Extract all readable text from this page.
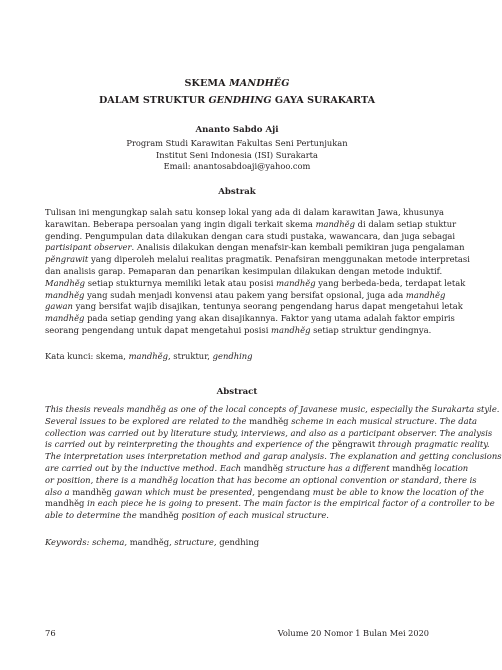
SKEMA MANDHĚG
DALAM STRUKTUR GENDHING GAYA SURAKARTA
Ananto Sabdo Aji
Program Studi Karawitan Fakultas Seni Pertunjukan
Institut Seni Indonesia (ISI) Surakarta
Email: anantosabdoaji@yahoo.com
Abstrak
Tulisan ini mengungkap salah satu konsep lokal yang ada di dalam karawitan Jawa, khusunya
karawitan. Beberapa persoalan yang ingin digali terkait skema mandhĕg di dalam setiap stuktur
gending. Pengumpulan data dilakukan dengan cara studi pustaka, wawancara, dan juga sebagai
partisipant observer. Analisis dilakukan dengan menafsir-kan kembali pemikiran juga pengalaman
pĕngrawit yang diperoleh melalui realitas pragmatik. Penafsiran menggunakan metode interpretasi
dan analisis garap. Pemaparan dan penarikan kesimpulan dilakukan dengan metode induktif.
Mandhĕg setiap stukturnya memiliki letak atau posisi mandhĕg yang berbeda-beda, terdapat letak
mandhĕg yang sudah menjadi konvensi atau pakem yang bersifat opsional, juga ada mandhĕg
gawan yang bersifat wajib disajikan, tentunya seorang pengendang harus dapat mengetahui letak
mandhĕg pada setiap gending yang akan disajikannya. Faktor yang utama adalah faktor empiris
seorang pengendang untuk dapat mengetahui posisi mandhĕg setiap struktur gendingnya.
Kata kunci: skema, mandhĕg, struktur, gendhing
Abstract
This thesis reveals mandhĕg as one of the local concepts of Javanese music, especially the Surakarta style.
Several issues to be explored are related to the mandhĕg scheme in each musical structure. The data
collection was carried out by literature study, interviews, and also as a participant observer. The analysis
is carried out by reinterpreting the thoughts and experience of the pĕngrawit through pragmatic reality.
The interpretation uses interpretation method and garap analysis. The explanation and getting conclusions
are carried out by the inductive method. Each mandhĕg structure has a different mandhĕg location
or position, there is a mandhĕg location that has become an optional convention or standard, there is
also a mandhĕg gawan which must be presented, pengendang must be able to know the location of the
mandhĕg in each piece he is going to present. The main factor is the empirical factor of a controller to be
able to determine the mandhĕg position of each musical structure.
Keywords: schema, mandhĕg, structure, gendhing
76	Volume 20 Nomor 1 Bulan Mei 2020
